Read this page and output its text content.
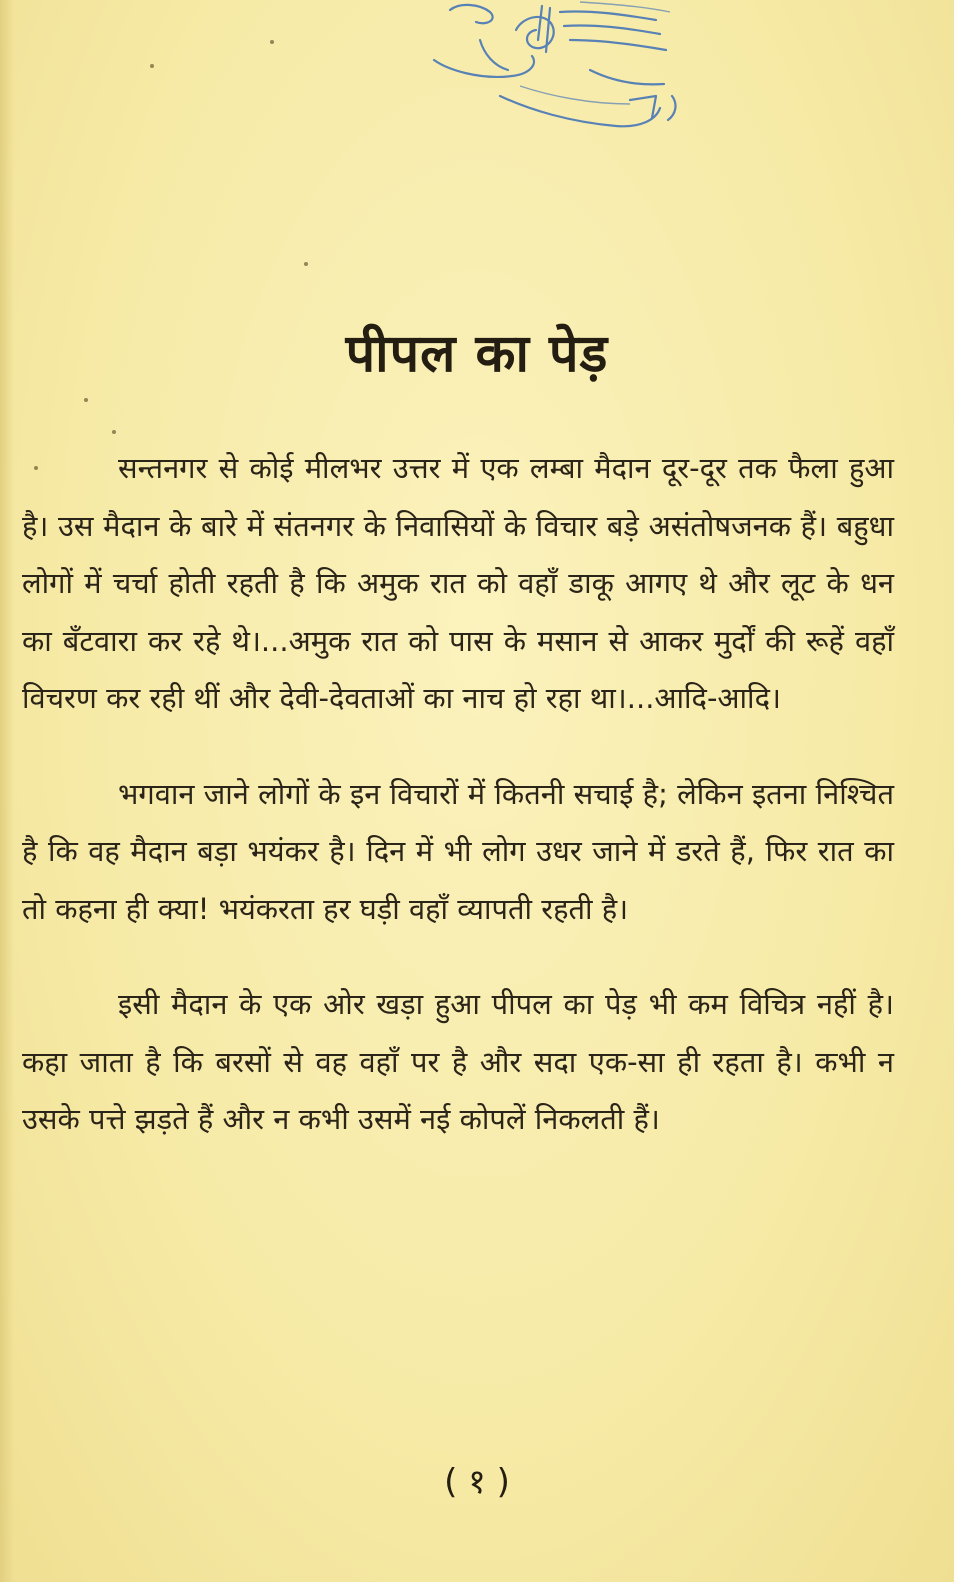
पीपल का पेड़

सन्तनगर से कोई मीलभर उत्तर में एक लम्बा मैदान दूर-दूर तक फैला हुआ है। उस मैदान के बारे में संतनगर के निवासियों के विचार बड़े असंतोषजनक हैं। बहुधा लोगों में चर्चा होती रहती है कि अमुक रात को वहाँ डाकू आगए थे और लूट के धन का बँटवारा कर रहे थे।...अमुक रात को पास के मसान से आकर मुर्दों की रूहें वहाँ विचरण कर रही थीं और देवी-देवताओं का नाच हो रहा था।...आदि-आदि।

भगवान जाने लोगों के इन विचारों में कितनी सचाई है; लेकिन इतना निश्चित है कि वह मैदान बड़ा भयंकर है। दिन में भी लोग उधर जाने में डरते हैं, फिर रात का तो कहना ही क्या! भयंकरता हर घड़ी वहाँ व्यापती रहती है।

इसी मैदान के एक ओर खड़ा हुआ पीपल का पेड़ भी कम विचित्र नहीं है। कहा जाता है कि बरसों से वह वहाँ पर है और सदा एक-सा ही रहता है। कभी न उसके पत्ते झड़ते हैं और न कभी उसमें नई कोपलें निकलती हैं।

( १ )
